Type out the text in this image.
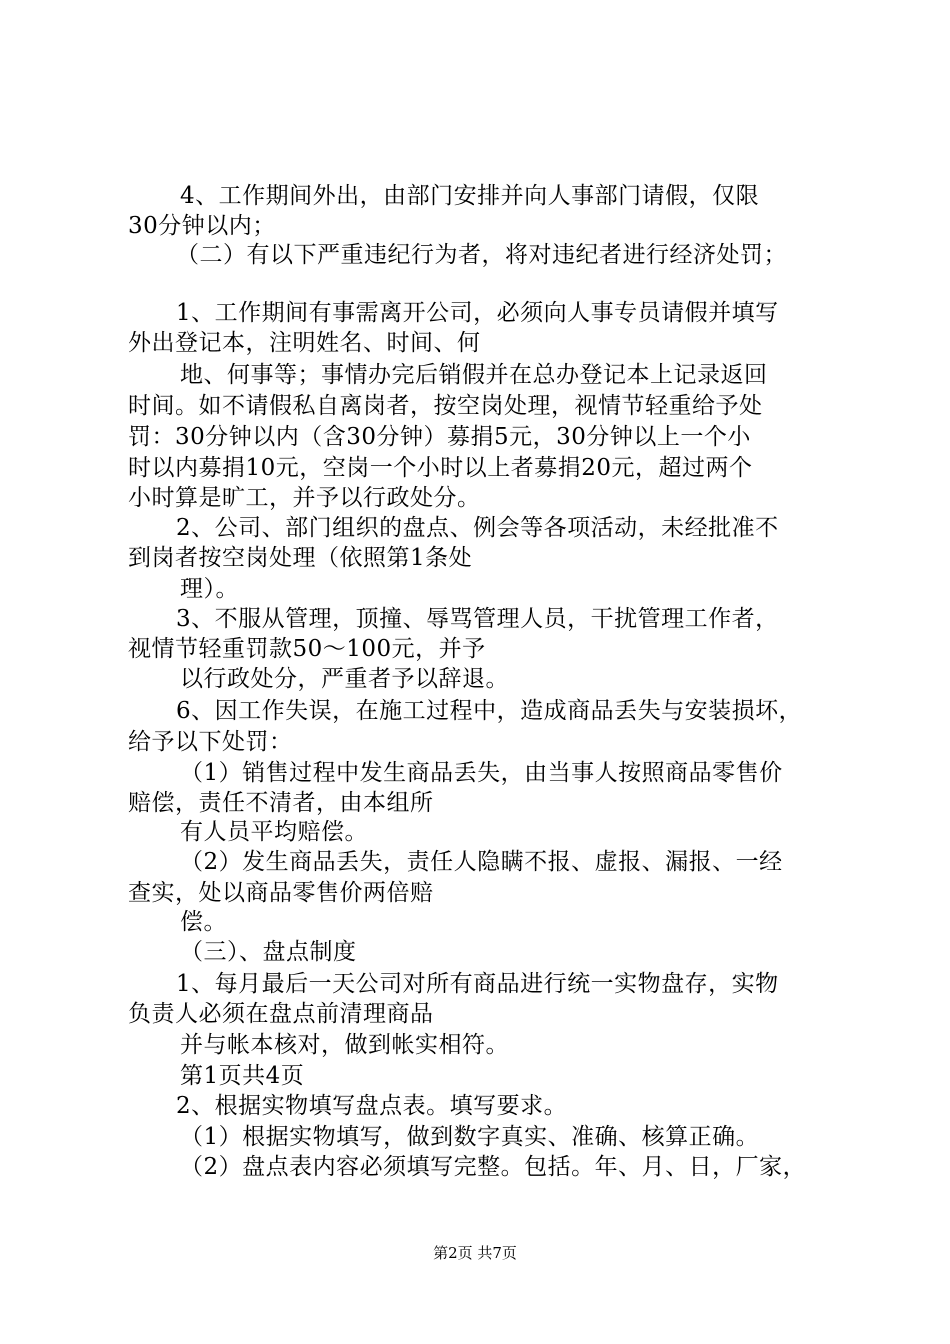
4、工作期间外出，由部门安排并向人事部门请假，仅限
30分钟以内；
（二）有以下严重违纪行为者，将对违纪者进行经济处罚；
1、工作期间有事需离开公司，必须向人事专员请假并填写
外出登记本，注明姓名、时间、何
地、何事等；事情办完后销假并在总办登记本上记录返回
时间。如不请假私自离岗者，按空岗处理，视情节轻重给予处
罚：30分钟以内（含30分钟）募捐5元，30分钟以上一个小
时以内募捐10元，空岗一个小时以上者募捐20元，超过两个
小时算是旷工，并予以行政处分。
2、公司、部门组织的盘点、例会等各项活动，未经批准不
到岗者按空岗处理（依照第1条处
理）。
3、不服从管理，顶撞、辱骂管理人员，干扰管理工作者，
视情节轻重罚款50～100元，并予
以行政处分，严重者予以辞退。
6、因工作失误，在施工过程中，造成商品丢失与安装损坏，
给予以下处罚：
（1）销售过程中发生商品丢失，由当事人按照商品零售价
赔偿，责任不清者，由本组所
有人员平均赔偿。
（2）发生商品丢失，责任人隐瞒不报、虚报、漏报、一经
查实，处以商品零售价两倍赔
偿。
（三）、盘点制度
1、每月最后一天公司对所有商品进行统一实物盘存，实物
负责人必须在盘点前清理商品
并与帐本核对，做到帐实相符。
第1页共4页
2、根据实物填写盘点表。填写要求。
（1）根据实物填写，做到数字真实、准确、核算正确。
（2）盘点表内容必须填写完整。包括。年、月、日，厂家，
第2页 共7页
